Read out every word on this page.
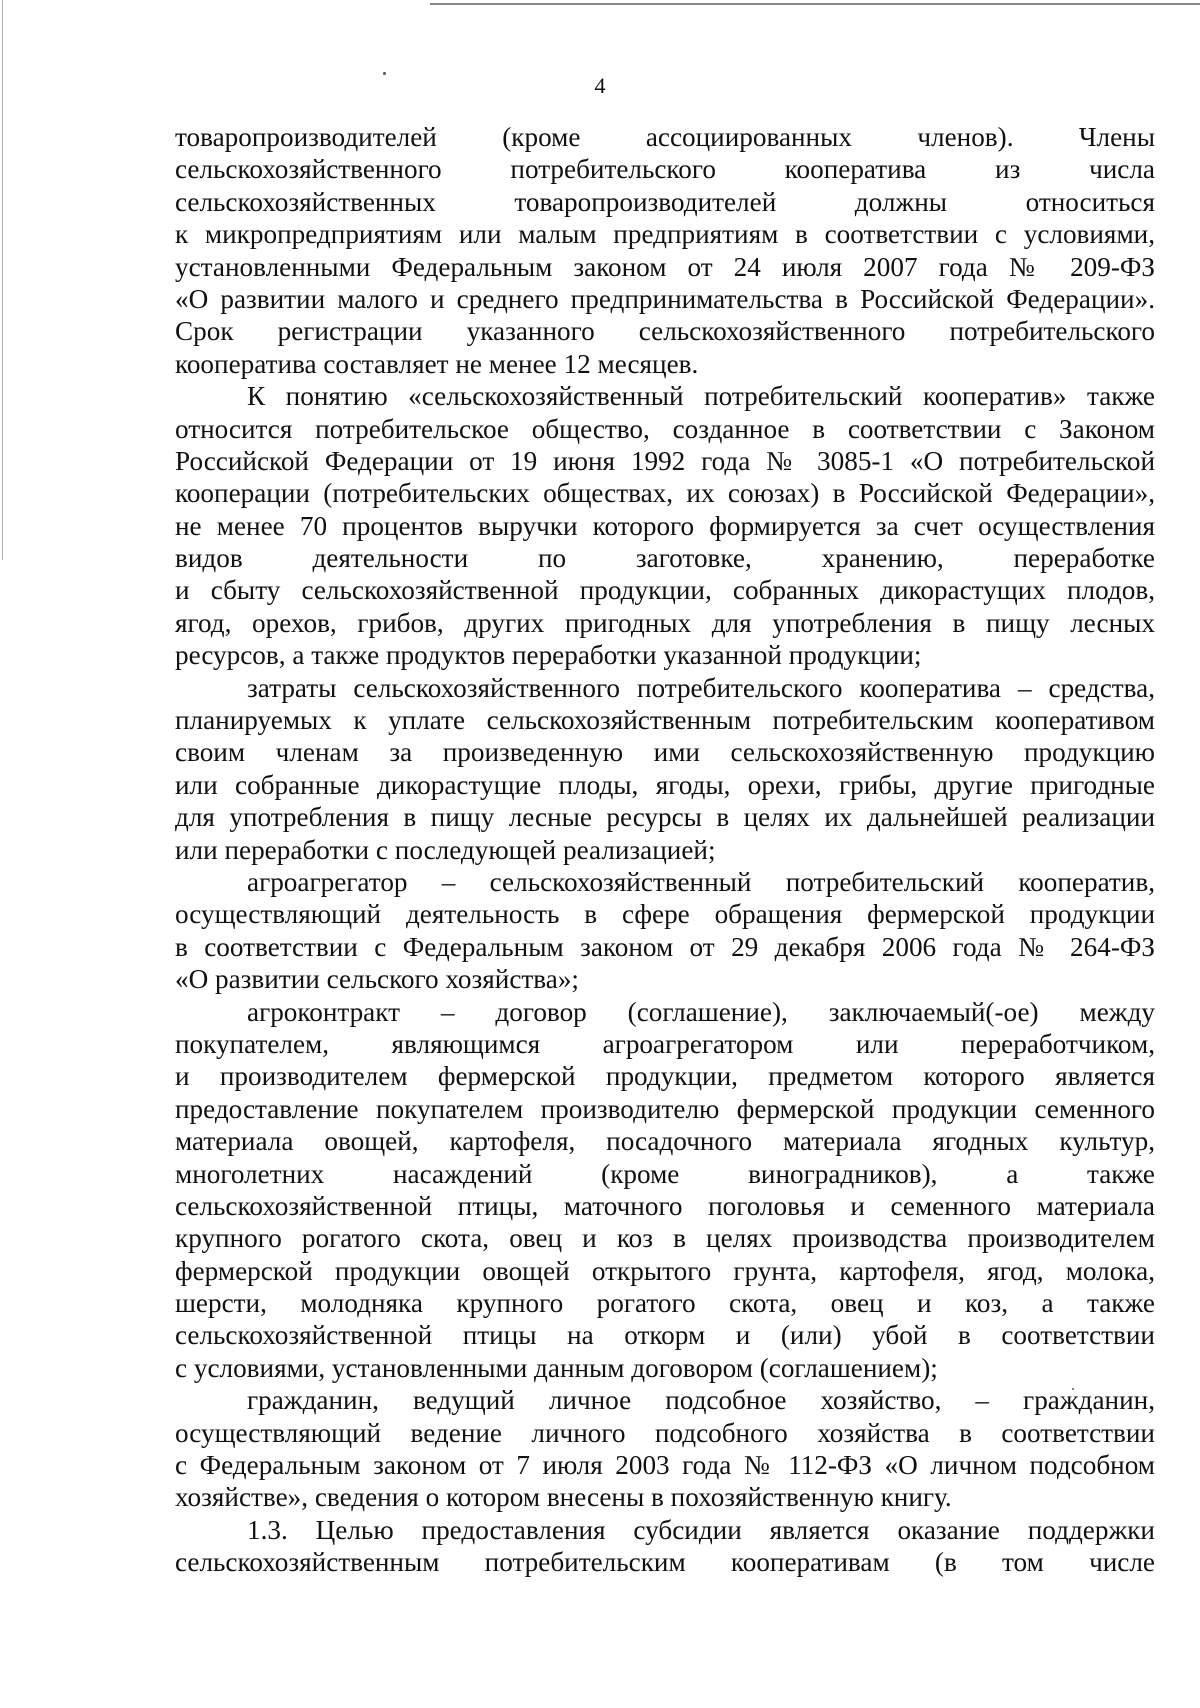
4
товаропроизводителей (кроме ассоциированных членов). Члены
сельскохозяйственного потребительского кооператива из числа
сельскохозяйственных товаропроизводителей должны относиться
к микропредприятиям или малым предприятиям в соответствии с условиями,
установленными Федеральным законом от 24 июля 2007 года № 209-ФЗ
«О развитии малого и среднего предпринимательства в Российской Федерации».
Срок регистрации указанного сельскохозяйственного потребительского
кооператива составляет не менее 12 месяцев.
К понятию «сельскохозяйственный потребительский кооператив» также
относится потребительское общество, созданное в соответствии с Законом
Российской Федерации от 19 июня 1992 года № 3085-1 «О потребительской
кооперации (потребительских обществах, их союзах) в Российской Федерации»,
не менее 70 процентов выручки которого формируется за счет осуществления
видов деятельности по заготовке, хранению, переработке
и сбыту сельскохозяйственной продукции, собранных дикорастущих плодов,
ягод, орехов, грибов, других пригодных для употребления в пищу лесных
ресурсов, а также продуктов переработки указанной продукции;
затраты сельскохозяйственного потребительского кооператива – средства,
планируемых к уплате сельскохозяйственным потребительским кооперативом
своим членам за произведенную ими сельскохозяйственную продукцию
или собранные дикорастущие плоды, ягоды, орехи, грибы, другие пригодные
для употребления в пищу лесные ресурсы в целях их дальнейшей реализации
или переработки с последующей реализацией;
агроагрегатор – сельскохозяйственный потребительский кооператив,
осуществляющий деятельность в сфере обращения фермерской продукции
в соответствии с Федеральным законом от 29 декабря 2006 года № 264-ФЗ
«О развитии сельского хозяйства»;
агроконтракт – договор (соглашение), заключаемый(-ое) между
покупателем, являющимся агроагрегатором или переработчиком,
и производителем фермерской продукции, предметом которого является
предоставление покупателем производителю фермерской продукции семенного
материала овощей, картофеля, посадочного материала ягодных культур,
многолетних насаждений (кроме виноградников), а также
сельскохозяйственной птицы, маточного поголовья и семенного материала
крупного рогатого скота, овец и коз в целях производства производителем
фермерской продукции овощей открытого грунта, картофеля, ягод, молока,
шерсти, молодняка крупного рогатого скота, овец и коз, а также
сельскохозяйственной птицы на откорм и (или) убой в соответствии
с условиями, установленными данным договором (соглашением);
гражданин, ведущий личное подсобное хозяйство, – гражданин,
осуществляющий ведение личного подсобного хозяйства в соответствии
с Федеральным законом от 7 июля 2003 года № 112-ФЗ «О личном подсобном
хозяйстве», сведения о котором внесены в похозяйственную книгу.
1.3. Целью предоставления субсидии является оказание поддержки
сельскохозяйственным потребительским кооперативам (в том числе
